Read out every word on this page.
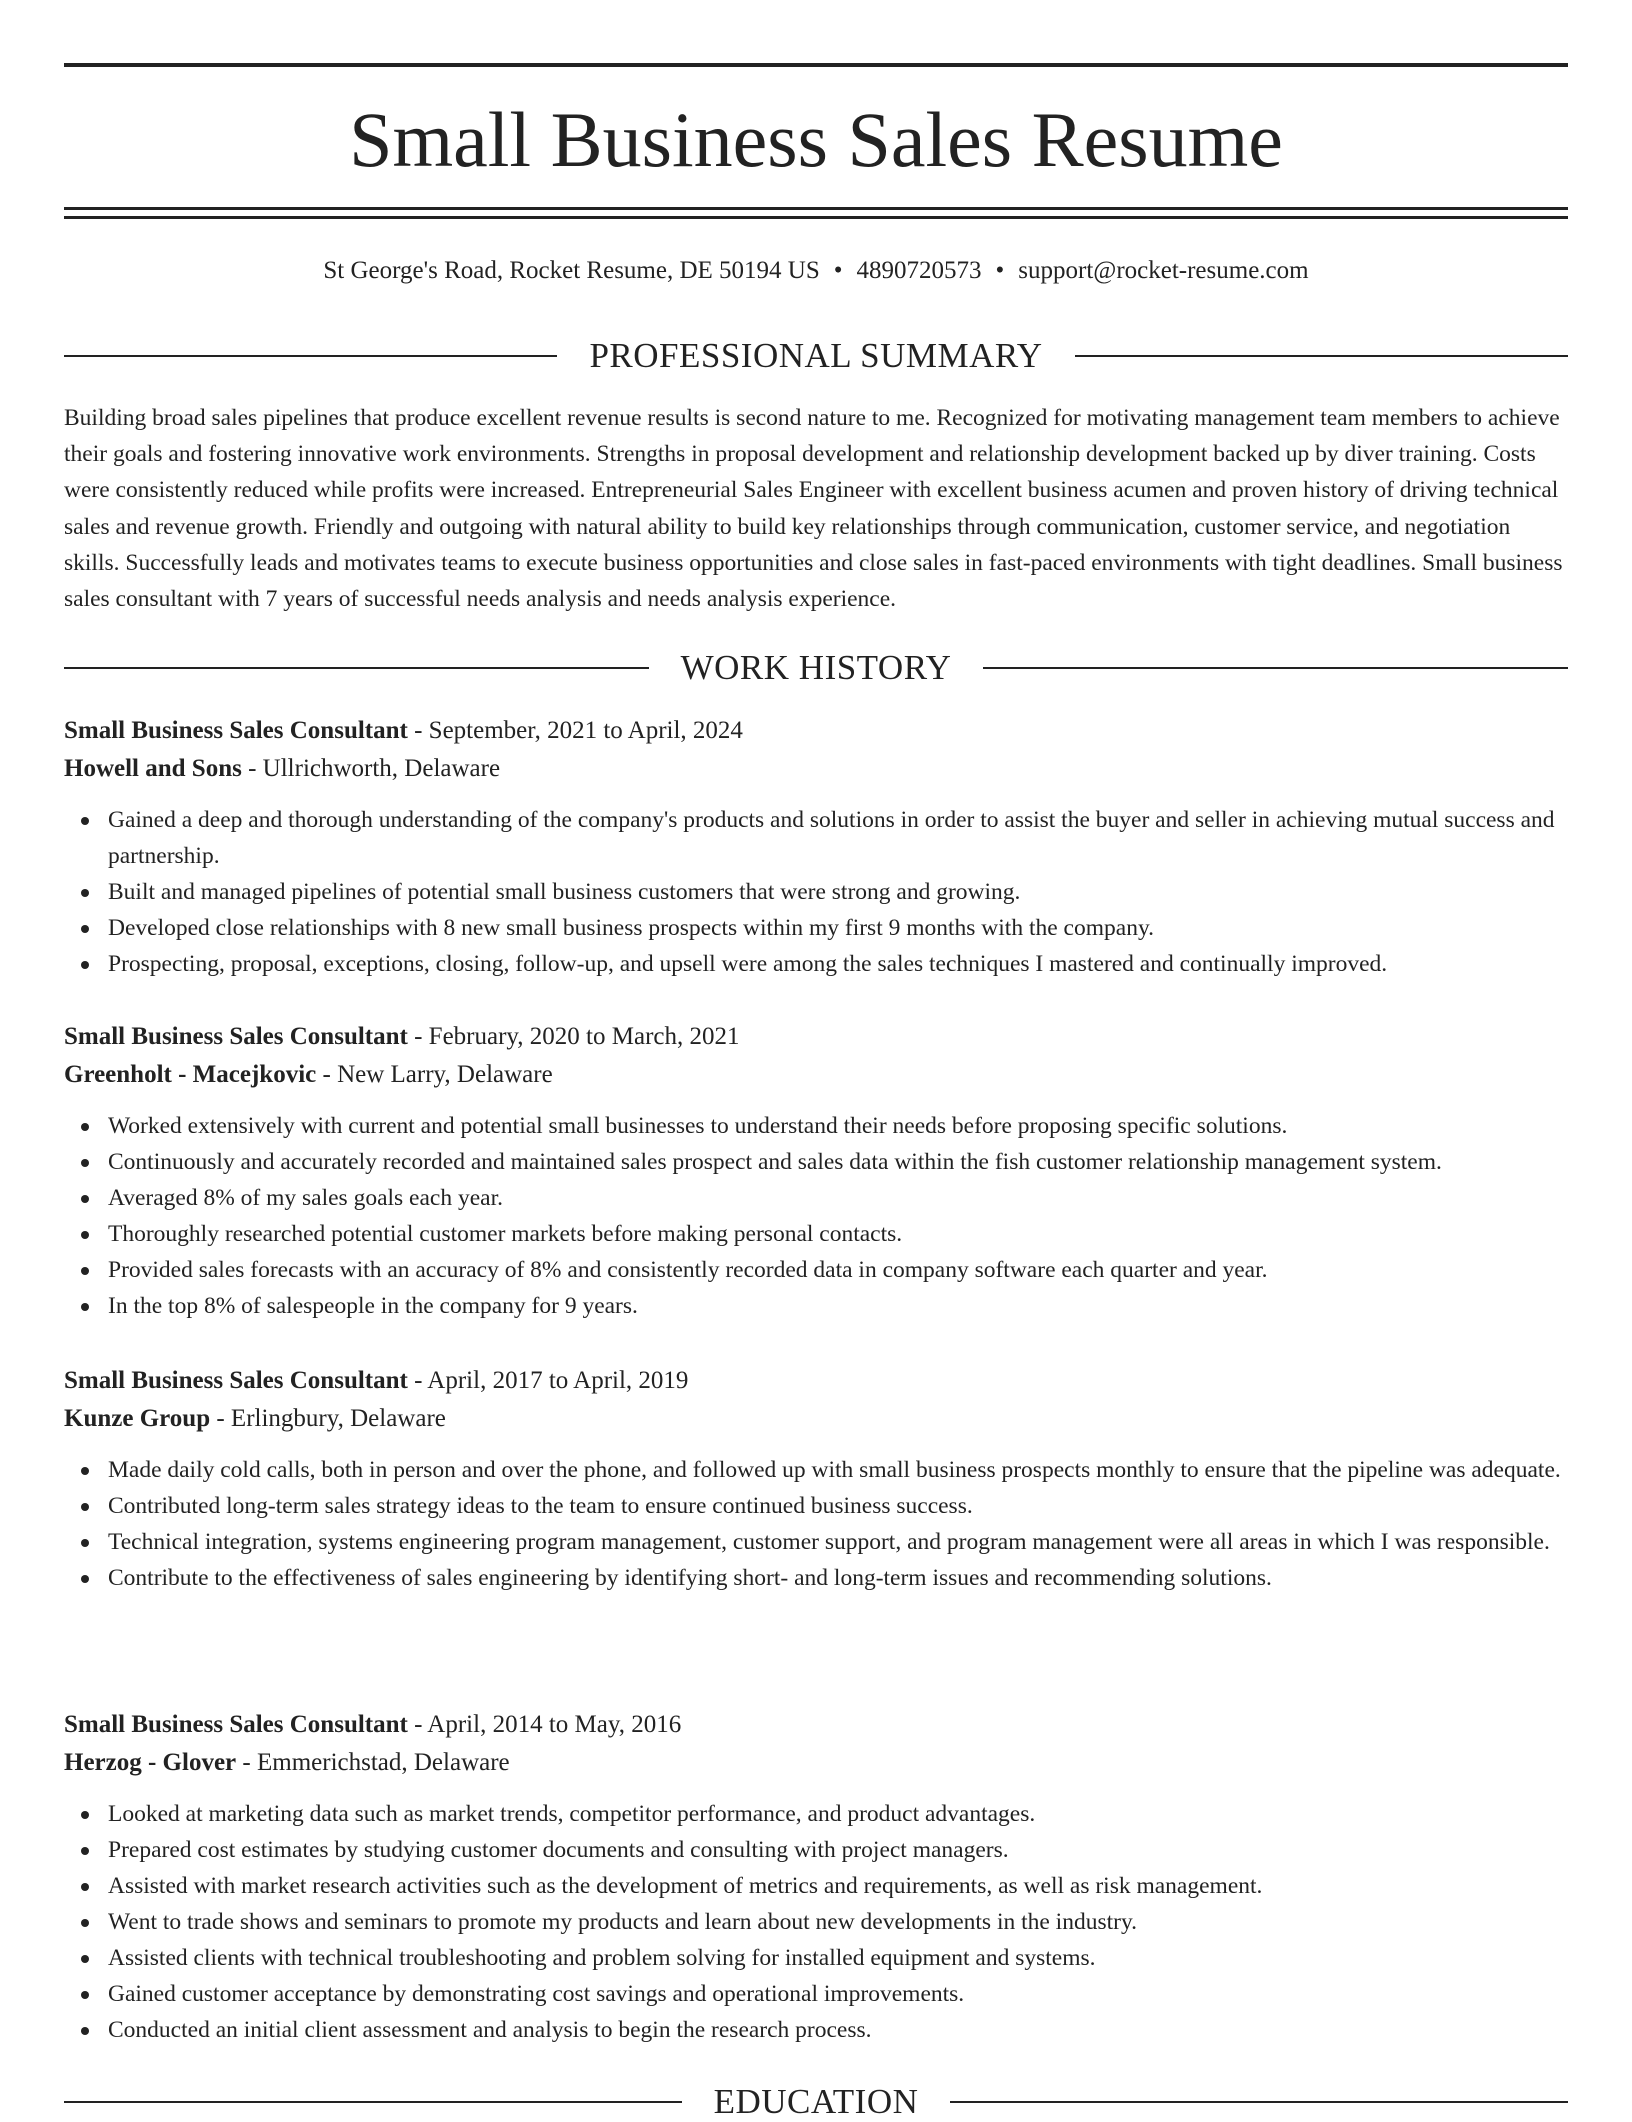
Small Business Sales Resume
St George's Road, Rocket Resume, DE 50194 US • 4890720573 • support@rocket-resume.com
PROFESSIONAL SUMMARY

Building broad sales pipelines that produce excellent revenue results is second nature to me. Recognized for motivating management team members to achieve their goals and fostering innovative work environments. Strengths in proposal development and relationship development backed up by diver training. Costs were consistently reduced while profits were increased. Entrepreneurial Sales Engineer with excellent business acumen and proven history of driving technical sales and revenue growth. Friendly and outgoing with natural ability to build key relationships through communication, customer service, and negotiation skills. Successfully leads and motivates teams to execute business opportunities and close sales in fast-paced environments with tight deadlines. Small business sales consultant with 7 years of successful needs analysis and needs analysis experience.

WORK HISTORY
Small Business Sales Consultant - September, 2021 to April, 2024
Howell and Sons - Ullrichworth, Delaware
Gained a deep and thorough understanding of the company's products and solutions in order to assist the buyer and seller in achieving mutual success and partnership.
Built and managed pipelines of potential small business customers that were strong and growing.
Developed close relationships with 8 new small business prospects within my first 9 months with the company.
Prospecting, proposal, exceptions, closing, follow-up, and upsell were among the sales techniques I mastered and continually improved.
Small Business Sales Consultant - February, 2020 to March, 2021
Greenholt - Macejkovic - New Larry, Delaware
Worked extensively with current and potential small businesses to understand their needs before proposing specific solutions.
Continuously and accurately recorded and maintained sales prospect and sales data within the fish customer relationship management system.
Averaged 8% of my sales goals each year.
Thoroughly researched potential customer markets before making personal contacts.
Provided sales forecasts with an accuracy of 8% and consistently recorded data in company software each quarter and year.
In the top 8% of salespeople in the company for 9 years.
Small Business Sales Consultant - April, 2017 to April, 2019
Kunze Group - Erlingbury, Delaware
Made daily cold calls, both in person and over the phone, and followed up with small business prospects monthly to ensure that the pipeline was adequate.
Contributed long-term sales strategy ideas to the team to ensure continued business success.
Technical integration, systems engineering program management, customer support, and program management were all areas in which I was responsible.
Contribute to the effectiveness of sales engineering by identifying short- and long-term issues and recommending solutions.
Small Business Sales Consultant - April, 2014 to May, 2016
Herzog - Glover - Emmerichstad, Delaware
Looked at marketing data such as market trends, competitor performance, and product advantages.
Prepared cost estimates by studying customer documents and consulting with project managers.
Assisted with market research activities such as the development of metrics and requirements, as well as risk management.
Went to trade shows and seminars to promote my products and learn about new developments in the industry.
Assisted clients with technical troubleshooting and problem solving for installed equipment and systems.
Gained customer acceptance by demonstrating cost savings and operational improvements.
Conducted an initial client assessment and analysis to begin the research process.
EDUCATION
